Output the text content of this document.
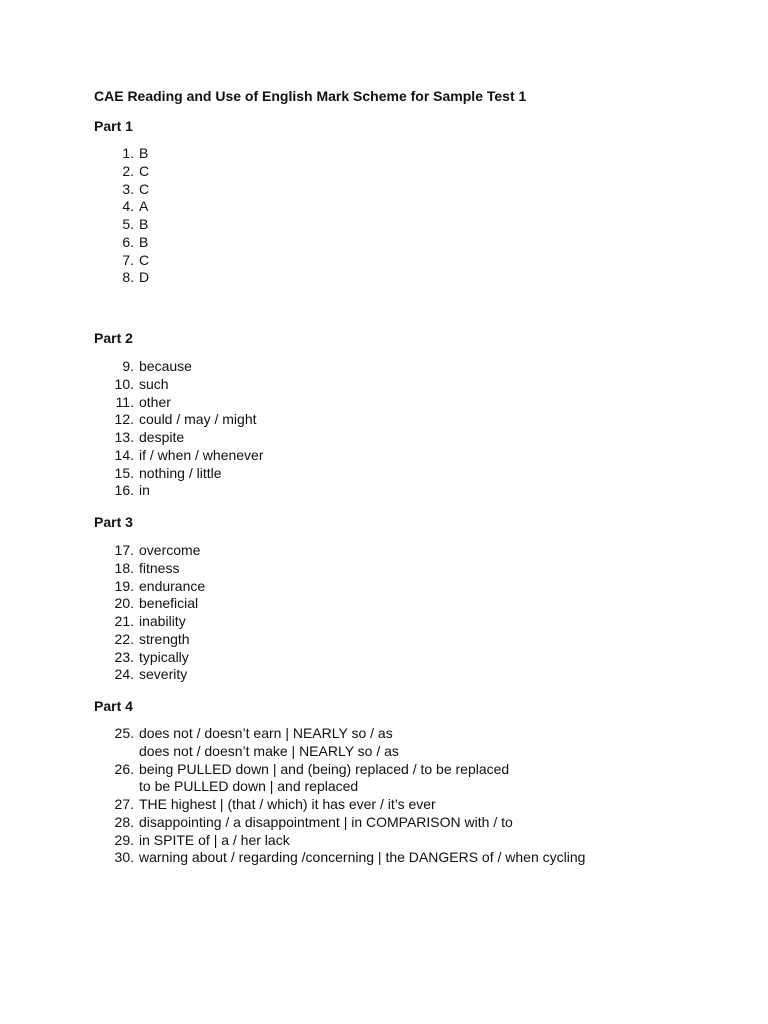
CAE Reading and Use of English Mark Scheme for Sample Test 1
Part 1
1. B
2. C
3. C
4. A
5. B
6. B
7. C
8. D
Part 2
9. because
10. such
11. other
12. could / may / might
13. despite
14. if / when / whenever
15. nothing / little
16. in
Part 3
17. overcome
18. fitness
19. endurance
20. beneficial
21. inability
22. strength
23. typically
24. severity
Part 4
25. does not / doesn’t earn | NEARLY so / as
does not / doesn’t make | NEARLY so / as
26. being PULLED down | and (being) replaced / to be replaced
to be PULLED down | and replaced
27. THE highest | (that / which) it has ever / it’s ever
28. disappointing / a disappointment | in COMPARISON with / to
29. in SPITE of | a / her lack
30. warning about / regarding /concerning | the DANGERS of / when cycling
